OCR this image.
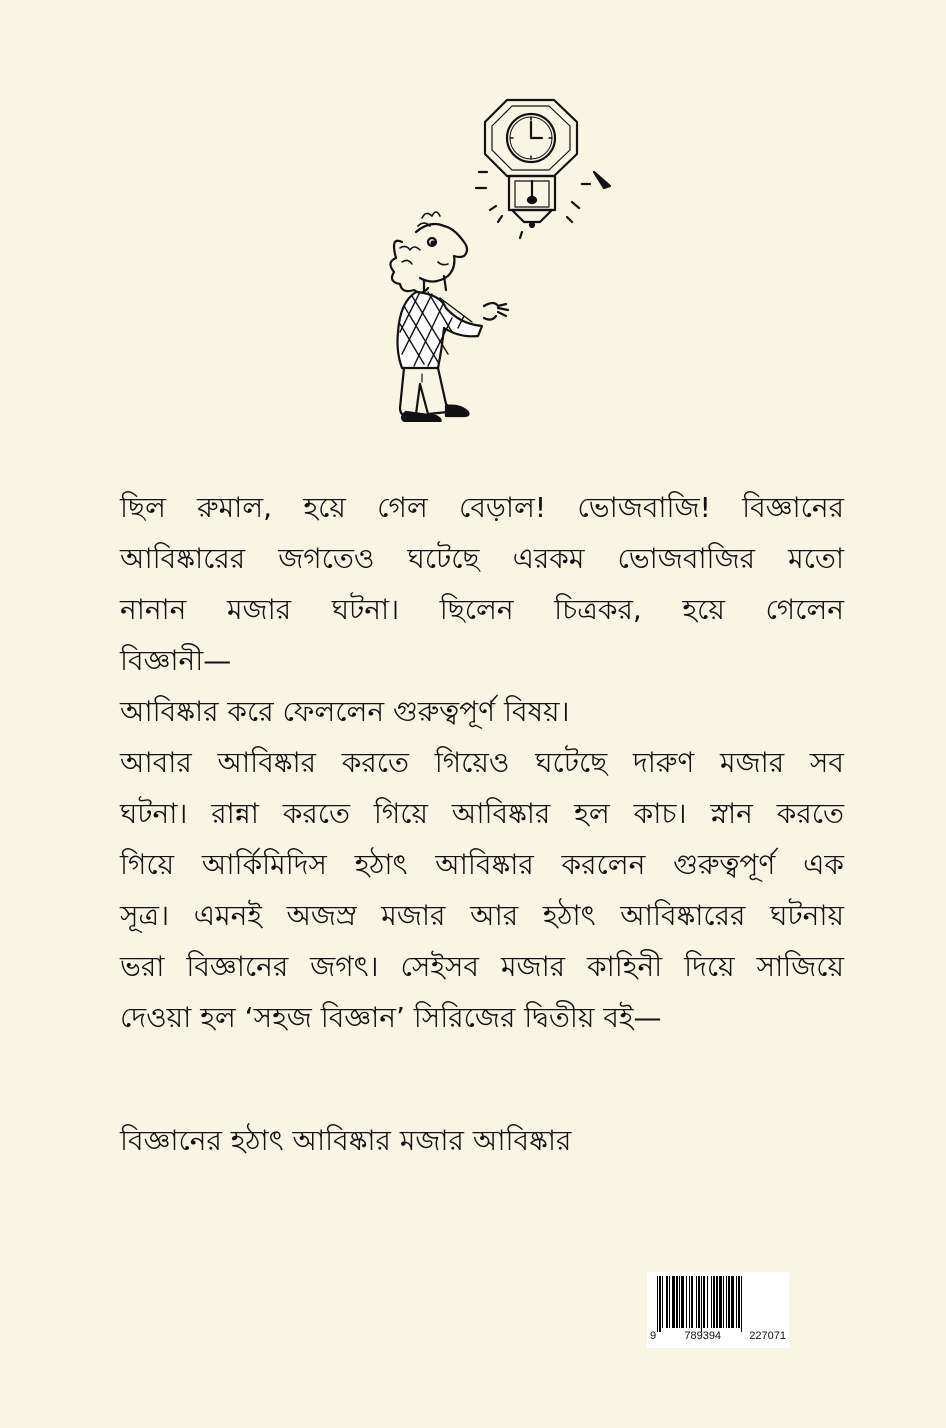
ছিল রুমাল, হয়ে গেল বেড়াল! ভোজবাজি! বিজ্ঞানের
আবিষ্কারের জগতেও ঘটেছে এরকম ভোজবাজির মতো
নানান মজার ঘটনা। ছিলেন চিত্রকর, হয়ে গেলেন
বিজ্ঞানী—
আবিষ্কার করে ফেললেন গুরুত্বপূর্ণ বিষয়।
আবার আবিষ্কার করতে গিয়েও ঘটেছে দারুণ মজার সব
ঘটনা। রান্না করতে গিয়ে আবিষ্কার হল কাচ। স্নান করতে
গিয়ে আর্কিমিদিস হঠাৎ আবিষ্কার করলেন গুরুত্বপূর্ণ এক
সূত্র। এমনই অজস্র মজার আর হঠাৎ আবিষ্কারের ঘটনায়
ভরা বিজ্ঞানের জগৎ। সেইসব মজার কাহিনী দিয়ে সাজিয়ে
দেওয়া হল ‘সহজ বিজ্ঞান’ সিরিজের দ্বিতীয় বই—
বিজ্ঞানের হঠাৎ আবিষ্কার মজার আবিষ্কার
9	789394	227071
